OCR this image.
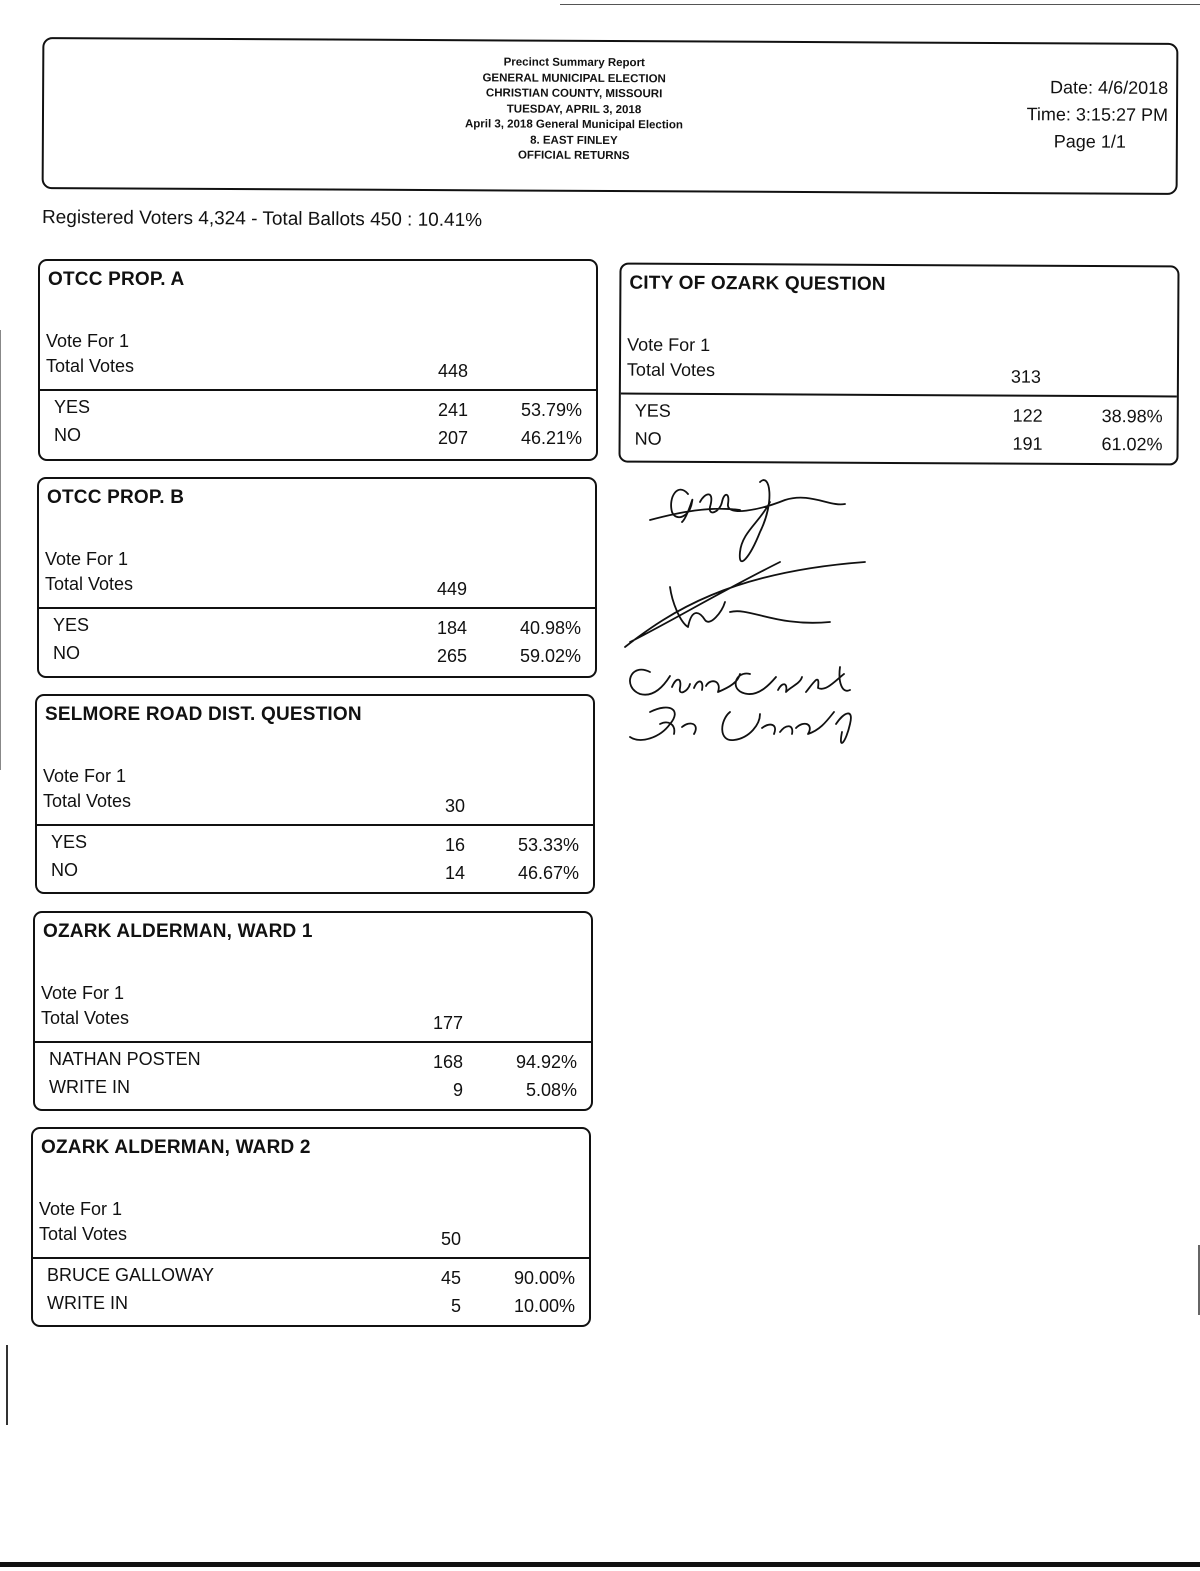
Precinct Summary Report
GENERAL MUNICIPAL ELECTION
CHRISTIAN COUNTY, MISSOURI
TUESDAY, APRIL 3, 2018
April 3, 2018 General Municipal Election
8. EAST FINLEY
OFFICIAL RETURNS
Date: 4/6/2018
Time: 3:15:27 PM
Page 1/1
Registered Voters 4,324 - Total Ballots 450 : 10.41%
OTCC PROP. A
Vote For 1
Total Votes	448
YES	241	53.79%
NO	207	46.21%
OTCC PROP. B
Vote For 1
Total Votes	449
YES	184	40.98%
NO	265	59.02%
SELMORE ROAD DIST. QUESTION
Vote For 1
Total Votes	30
YES	16	53.33%
NO	14	46.67%
OZARK ALDERMAN, WARD 1
Vote For 1
Total Votes	177
NATHAN POSTEN	168	94.92%
WRITE IN	9	5.08%
OZARK ALDERMAN, WARD 2
Vote For 1
Total Votes	50
BRUCE GALLOWAY	45	90.00%
WRITE IN	5	10.00%
CITY OF OZARK QUESTION
Vote For 1
Total Votes	313
YES	122	38.98%
NO	191	61.02%
